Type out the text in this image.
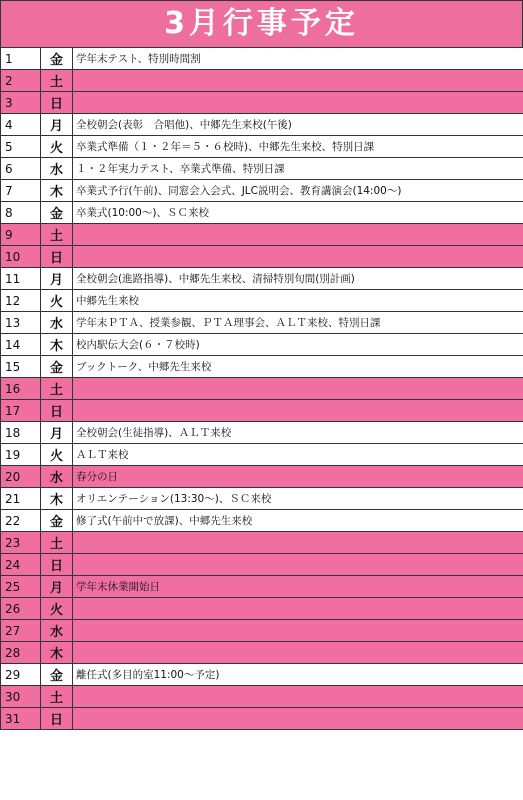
3月行事予定
1	金	学年末テスト、特別時間割
2	土	
3	日	
4	月	全校朝会(表彰　合唱他)、中郷先生来校(午後)
5	火	卒業式準備（１・２年＝５・６校時)、中郷先生来校、特別日課
6	水	１・２年実力テスト、卒業式準備、特別日課
7	木	卒業式予行(午前)、同窓会入会式、JLC説明会、教育講演会(14:00～)
8	金	卒業式(10:00～)、ＳＣ来校
9	土	
10	日	
11	月	全校朝会(進路指導)、中郷先生来校、清掃特別旬間(別計画)
12	火	中郷先生来校
13	水	学年末ＰＴＡ、授業参観、ＰＴＡ理事会、ＡＬＴ来校、特別日課
14	木	校内駅伝大会(６・７校時)
15	金	ブックトーク、中郷先生来校
16	土	
17	日	
18	月	全校朝会(生徒指導)、ＡＬＴ来校
19	火	ＡＬＴ来校
20	水	春分の日
21	木	オリエンテーション(13:30～)、ＳＣ来校
22	金	修了式(午前中で放課)、中郷先生来校
23	土	
24	日	
25	月	学年末休業開始日
26	火	
27	水	
28	木	
29	金	離任式(多目的室11:00～予定)
30	土	
31	日	
